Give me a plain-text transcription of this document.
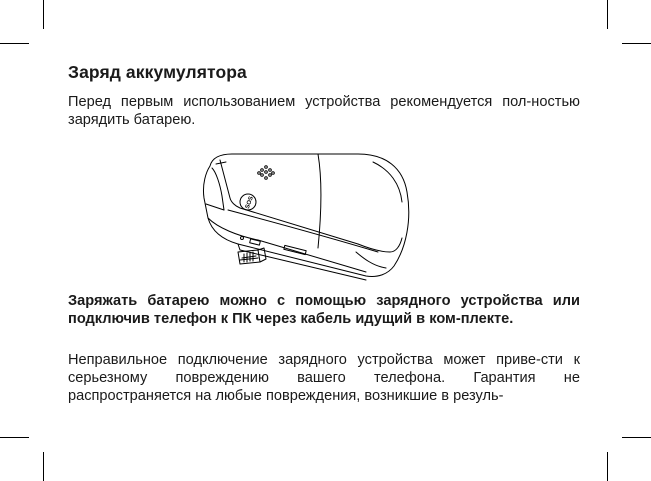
Заряд аккумулятора

Перед первым использованием устройства рекомендуется пол-ностью зарядить батарею.

SOS

Заряжать батарею можно с помощью зарядного устройства или подключив телефон к ПК через кабель идущий в ком-плекте.

Неправильное подключение зарядного устройства может приве-сти к серьезному повреждению вашего телефона. Гарантия не распространяется на любые повреждения, возникшие в резуль-
